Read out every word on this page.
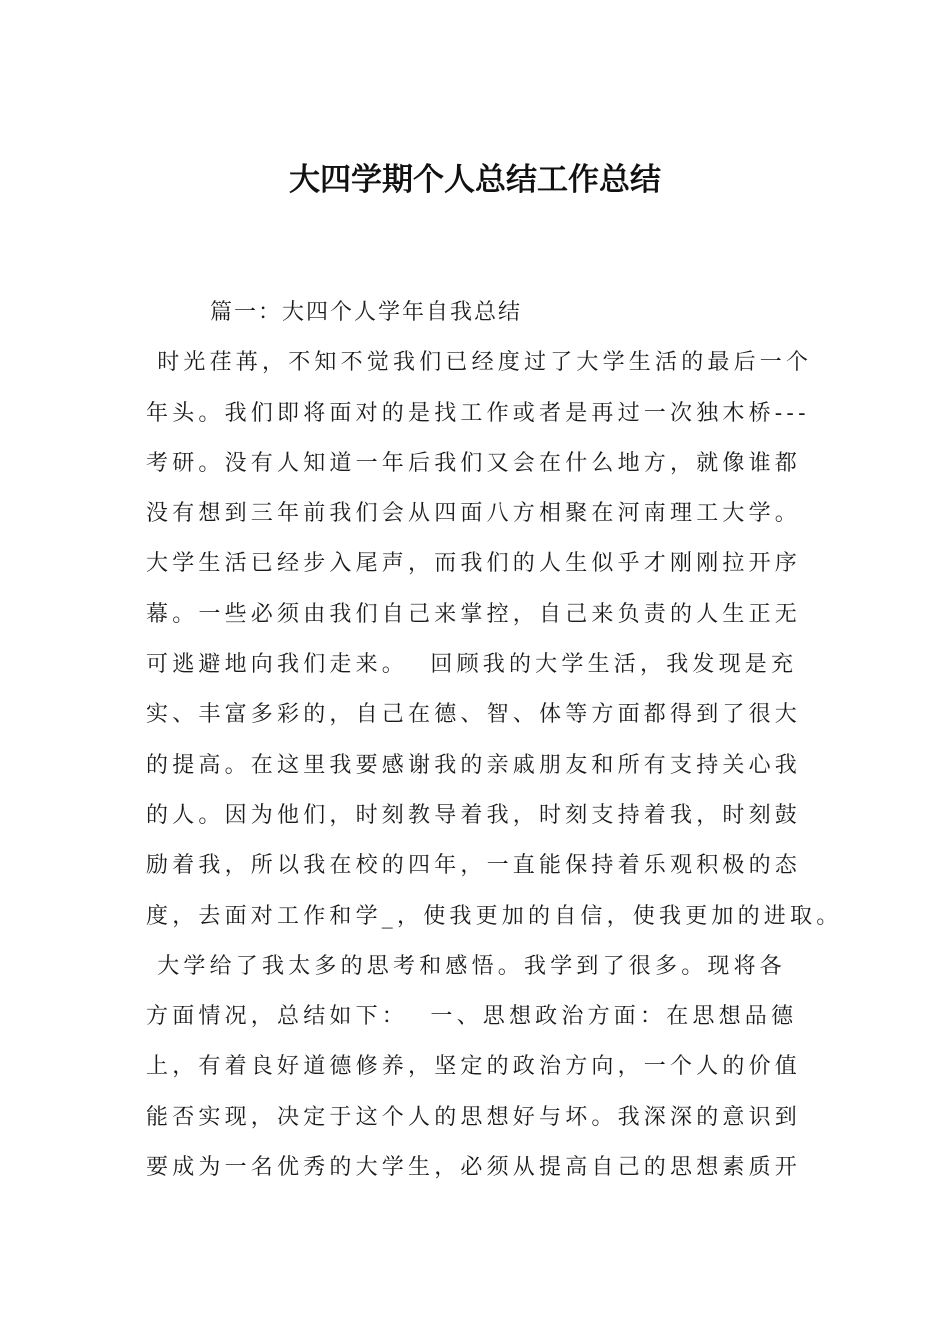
大四学期个人总结工作总结
篇一：大四个人学年自我总结
时光荏苒，不知不觉我们已经度过了大学生活的最后一个
年头。我们即将面对的是找工作或者是再过一次独木桥---
考研。没有人知道一年后我们又会在什么地方，就像谁都
没有想到三年前我们会从四面八方相聚在河南理工大学。
大学生活已经步入尾声，而我们的人生似乎才刚刚拉开序
幕。一些必须由我们自己来掌控，自己来负责的人生正无
可逃避地向我们走来。  回顾我的大学生活，我发现是充
实、丰富多彩的，自己在德、智、体等方面都得到了很大
的提高。在这里我要感谢我的亲戚朋友和所有支持关心我
的人。因为他们，时刻教导着我，时刻支持着我，时刻鼓
励着我，所以我在校的四年，一直能保持着乐观积极的态
度，去面对工作和学_，使我更加的自信，使我更加的进取。
大学给了我太多的思考和感悟。我学到了很多。现将各
方面情况，总结如下：  一、思想政治方面：在思想品德
上，有着良好道德修养，坚定的政治方向，一个人的价值
能否实现，决定于这个人的思想好与坏。我深深的意识到
要成为一名优秀的大学生，必须从提高自己的思想素质开
